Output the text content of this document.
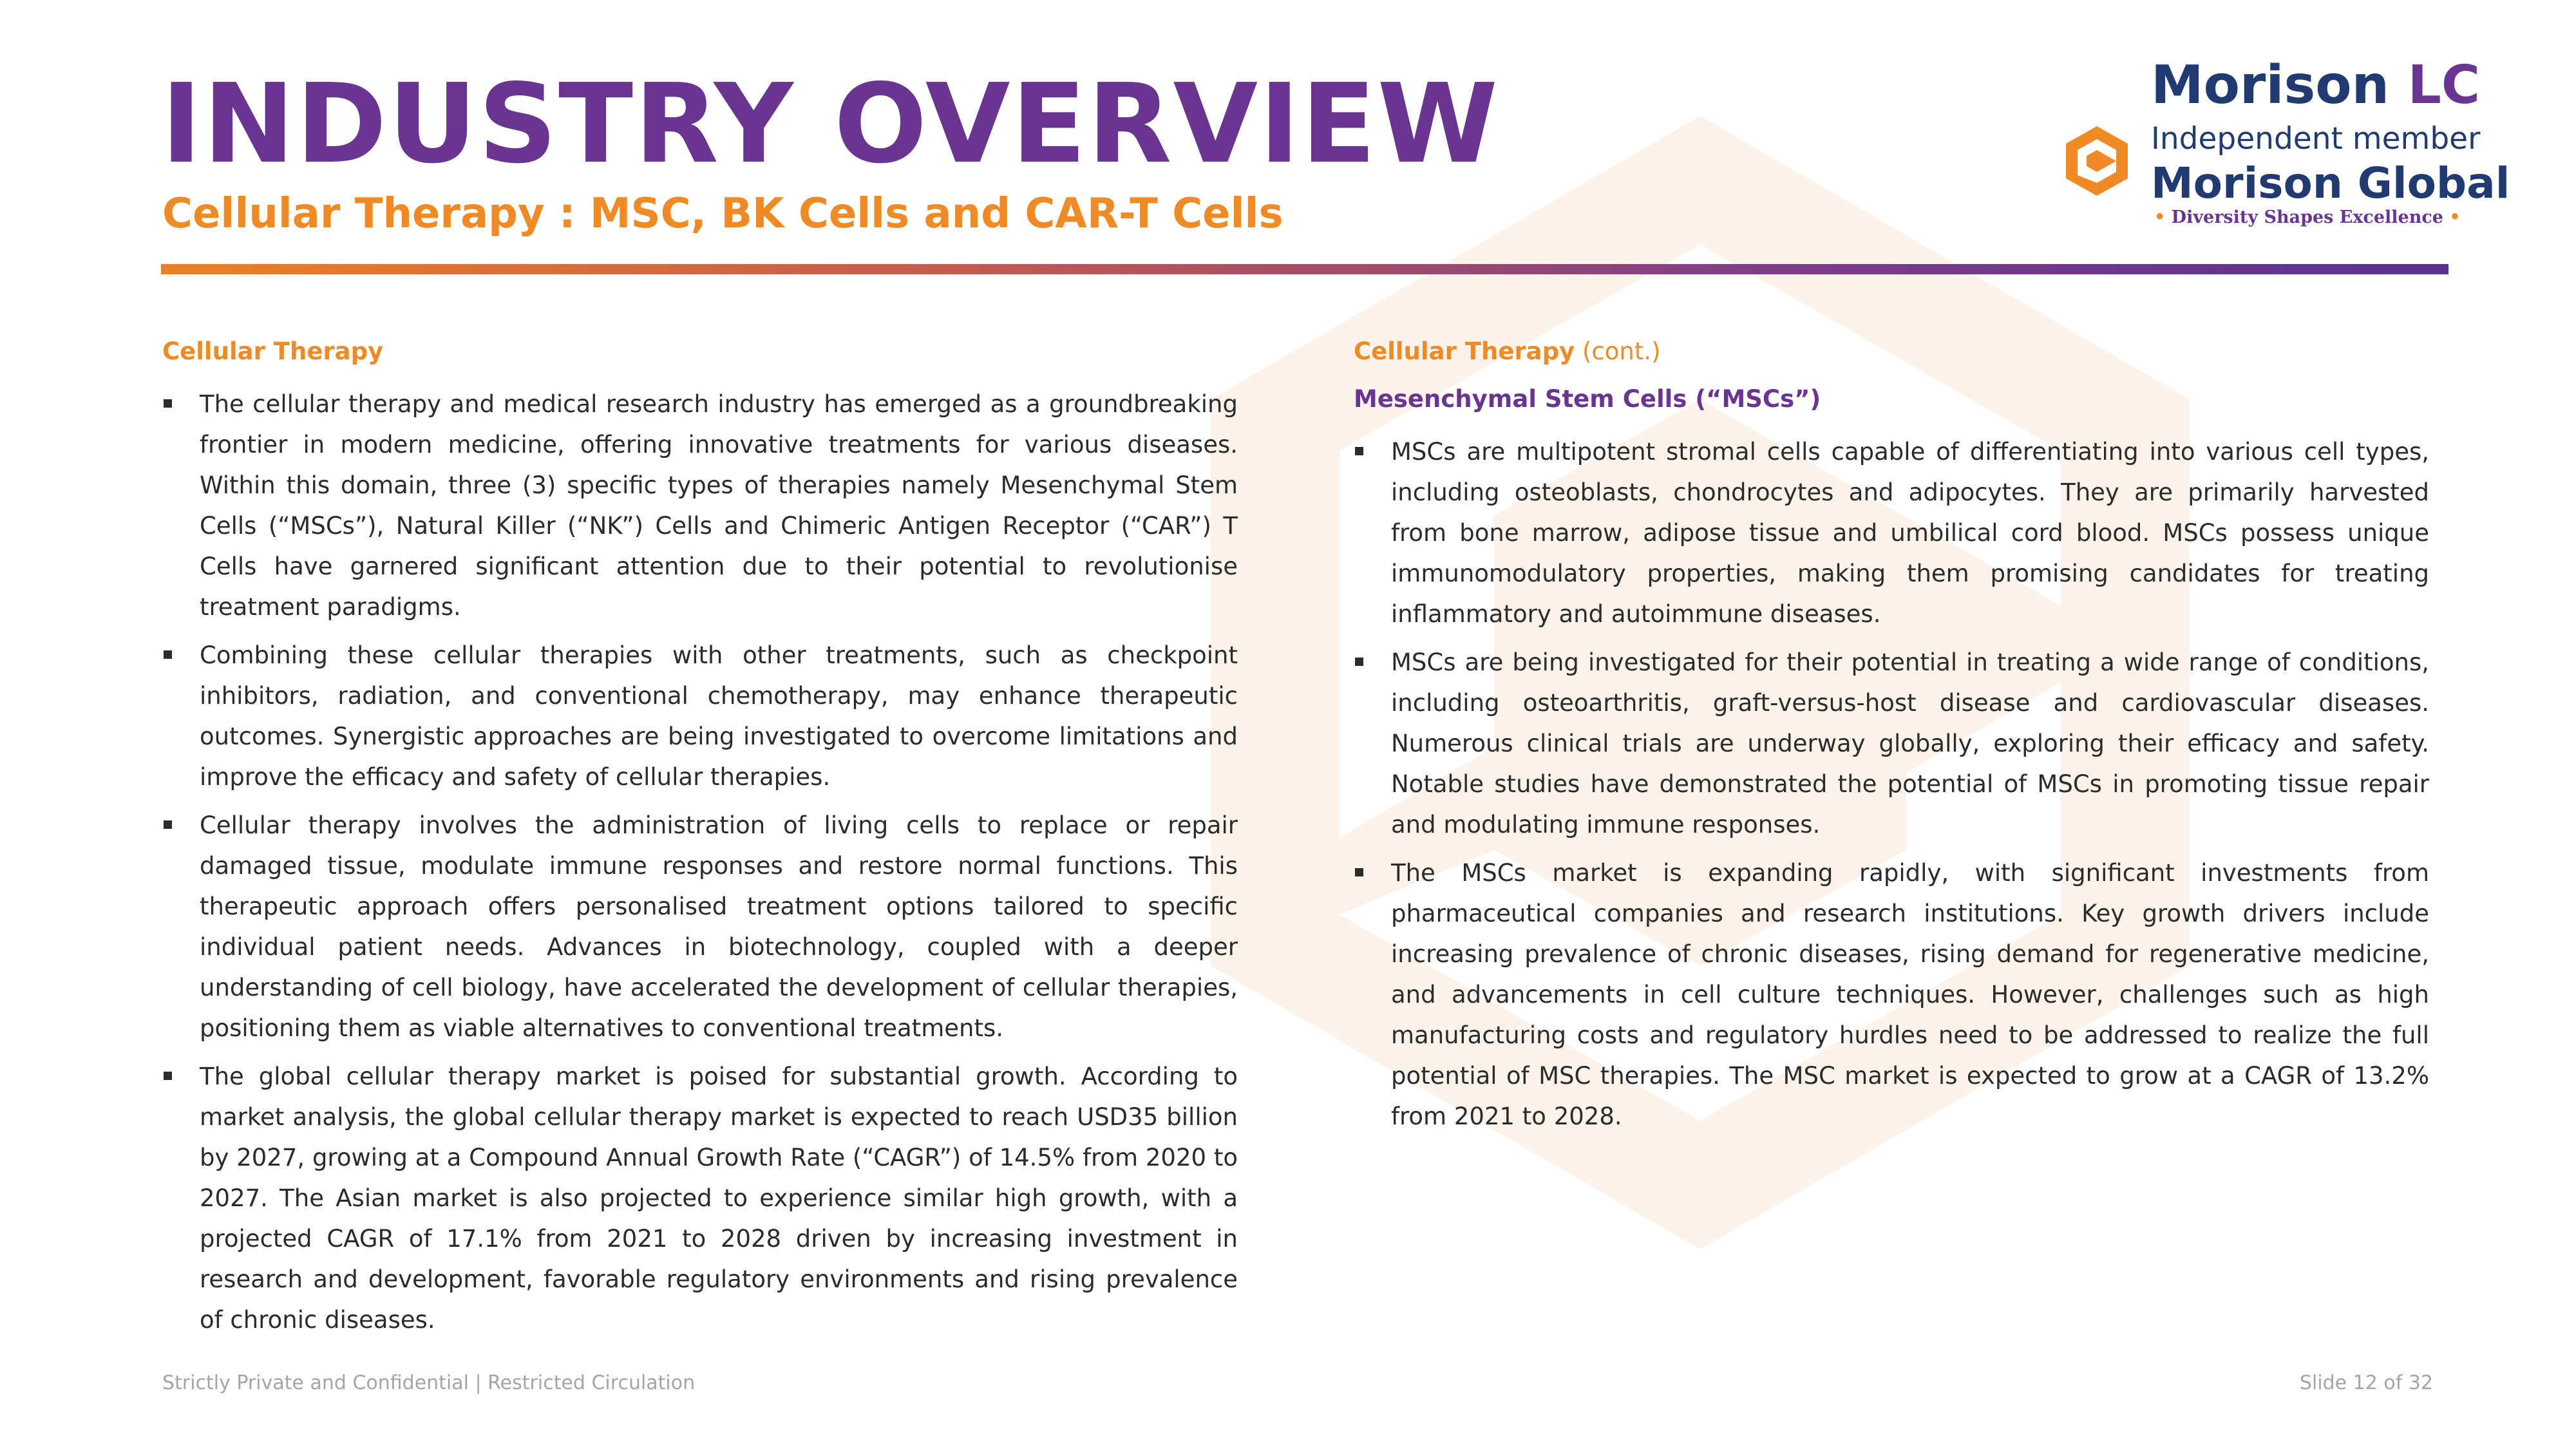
INDUSTRY OVERVIEW
Cellular Therapy : MSC, BK Cells and CAR-T Cells
Morison LC
Independent member
Morison Global
• Diversity Shapes Excellence •
Cellular Therapy
The cellular therapy and medical research industry has emerged as a groundbreaking frontier in modern medicine, offering innovative treatments for various diseases. Within this domain, three (3) specific types of therapies namely Mesenchymal Stem Cells (“MSCs”), Natural Killer (“NK”) Cells and Chimeric Antigen Receptor (“CAR”) T Cells have garnered significant attention due to their potential to revolutionise treatment paradigms.
Combining these cellular therapies with other treatments, such as checkpoint inhibitors, radiation, and conventional chemotherapy, may enhance therapeutic outcomes. Synergistic approaches are being investigated to overcome limitations and improve the efficacy and safety of cellular therapies.
Cellular therapy involves the administration of living cells to replace or repair damaged tissue, modulate immune responses and restore normal functions. This therapeutic approach offers personalised treatment options tailored to specific individual patient needs. Advances in biotechnology, coupled with a deeper understanding of cell biology, have accelerated the development of cellular therapies, positioning them as viable alternatives to conventional treatments.
The global cellular therapy market is poised for substantial growth. According to market analysis, the global cellular therapy market is expected to reach USD35 billion by 2027, growing at a Compound Annual Growth Rate (“CAGR”) of 14.5% from 2020 to 2027. The Asian market is also projected to experience similar high growth, with a projected CAGR of 17.1% from 2021 to 2028 driven by increasing investment in research and development, favorable regulatory environments and rising prevalence of chronic diseases.
Cellular Therapy (cont.)
Mesenchymal Stem Cells (“MSCs”)
MSCs are multipotent stromal cells capable of differentiating into various cell types, including osteoblasts, chondrocytes and adipocytes. They are primarily harvested from bone marrow, adipose tissue and umbilical cord blood. MSCs possess unique immunomodulatory properties, making them promising candidates for treating inflammatory and autoimmune diseases.
MSCs are being investigated for their potential in treating a wide range of conditions, including osteoarthritis, graft-versus-host disease and cardiovascular diseases. Numerous clinical trials are underway globally, exploring their efficacy and safety. Notable studies have demonstrated the potential of MSCs in promoting tissue repair and modulating immune responses.
The MSCs market is expanding rapidly, with significant investments from pharmaceutical companies and research institutions. Key growth drivers include increasing prevalence of chronic diseases, rising demand for regenerative medicine, and advancements in cell culture techniques. However, challenges such as high manufacturing costs and regulatory hurdles need to be addressed to realize the full potential of MSC therapies. The MSC market is expected to grow at a CAGR of 13.2% from 2021 to 2028.
Strictly Private and Confidential | Restricted Circulation	Slide 12 of 32
